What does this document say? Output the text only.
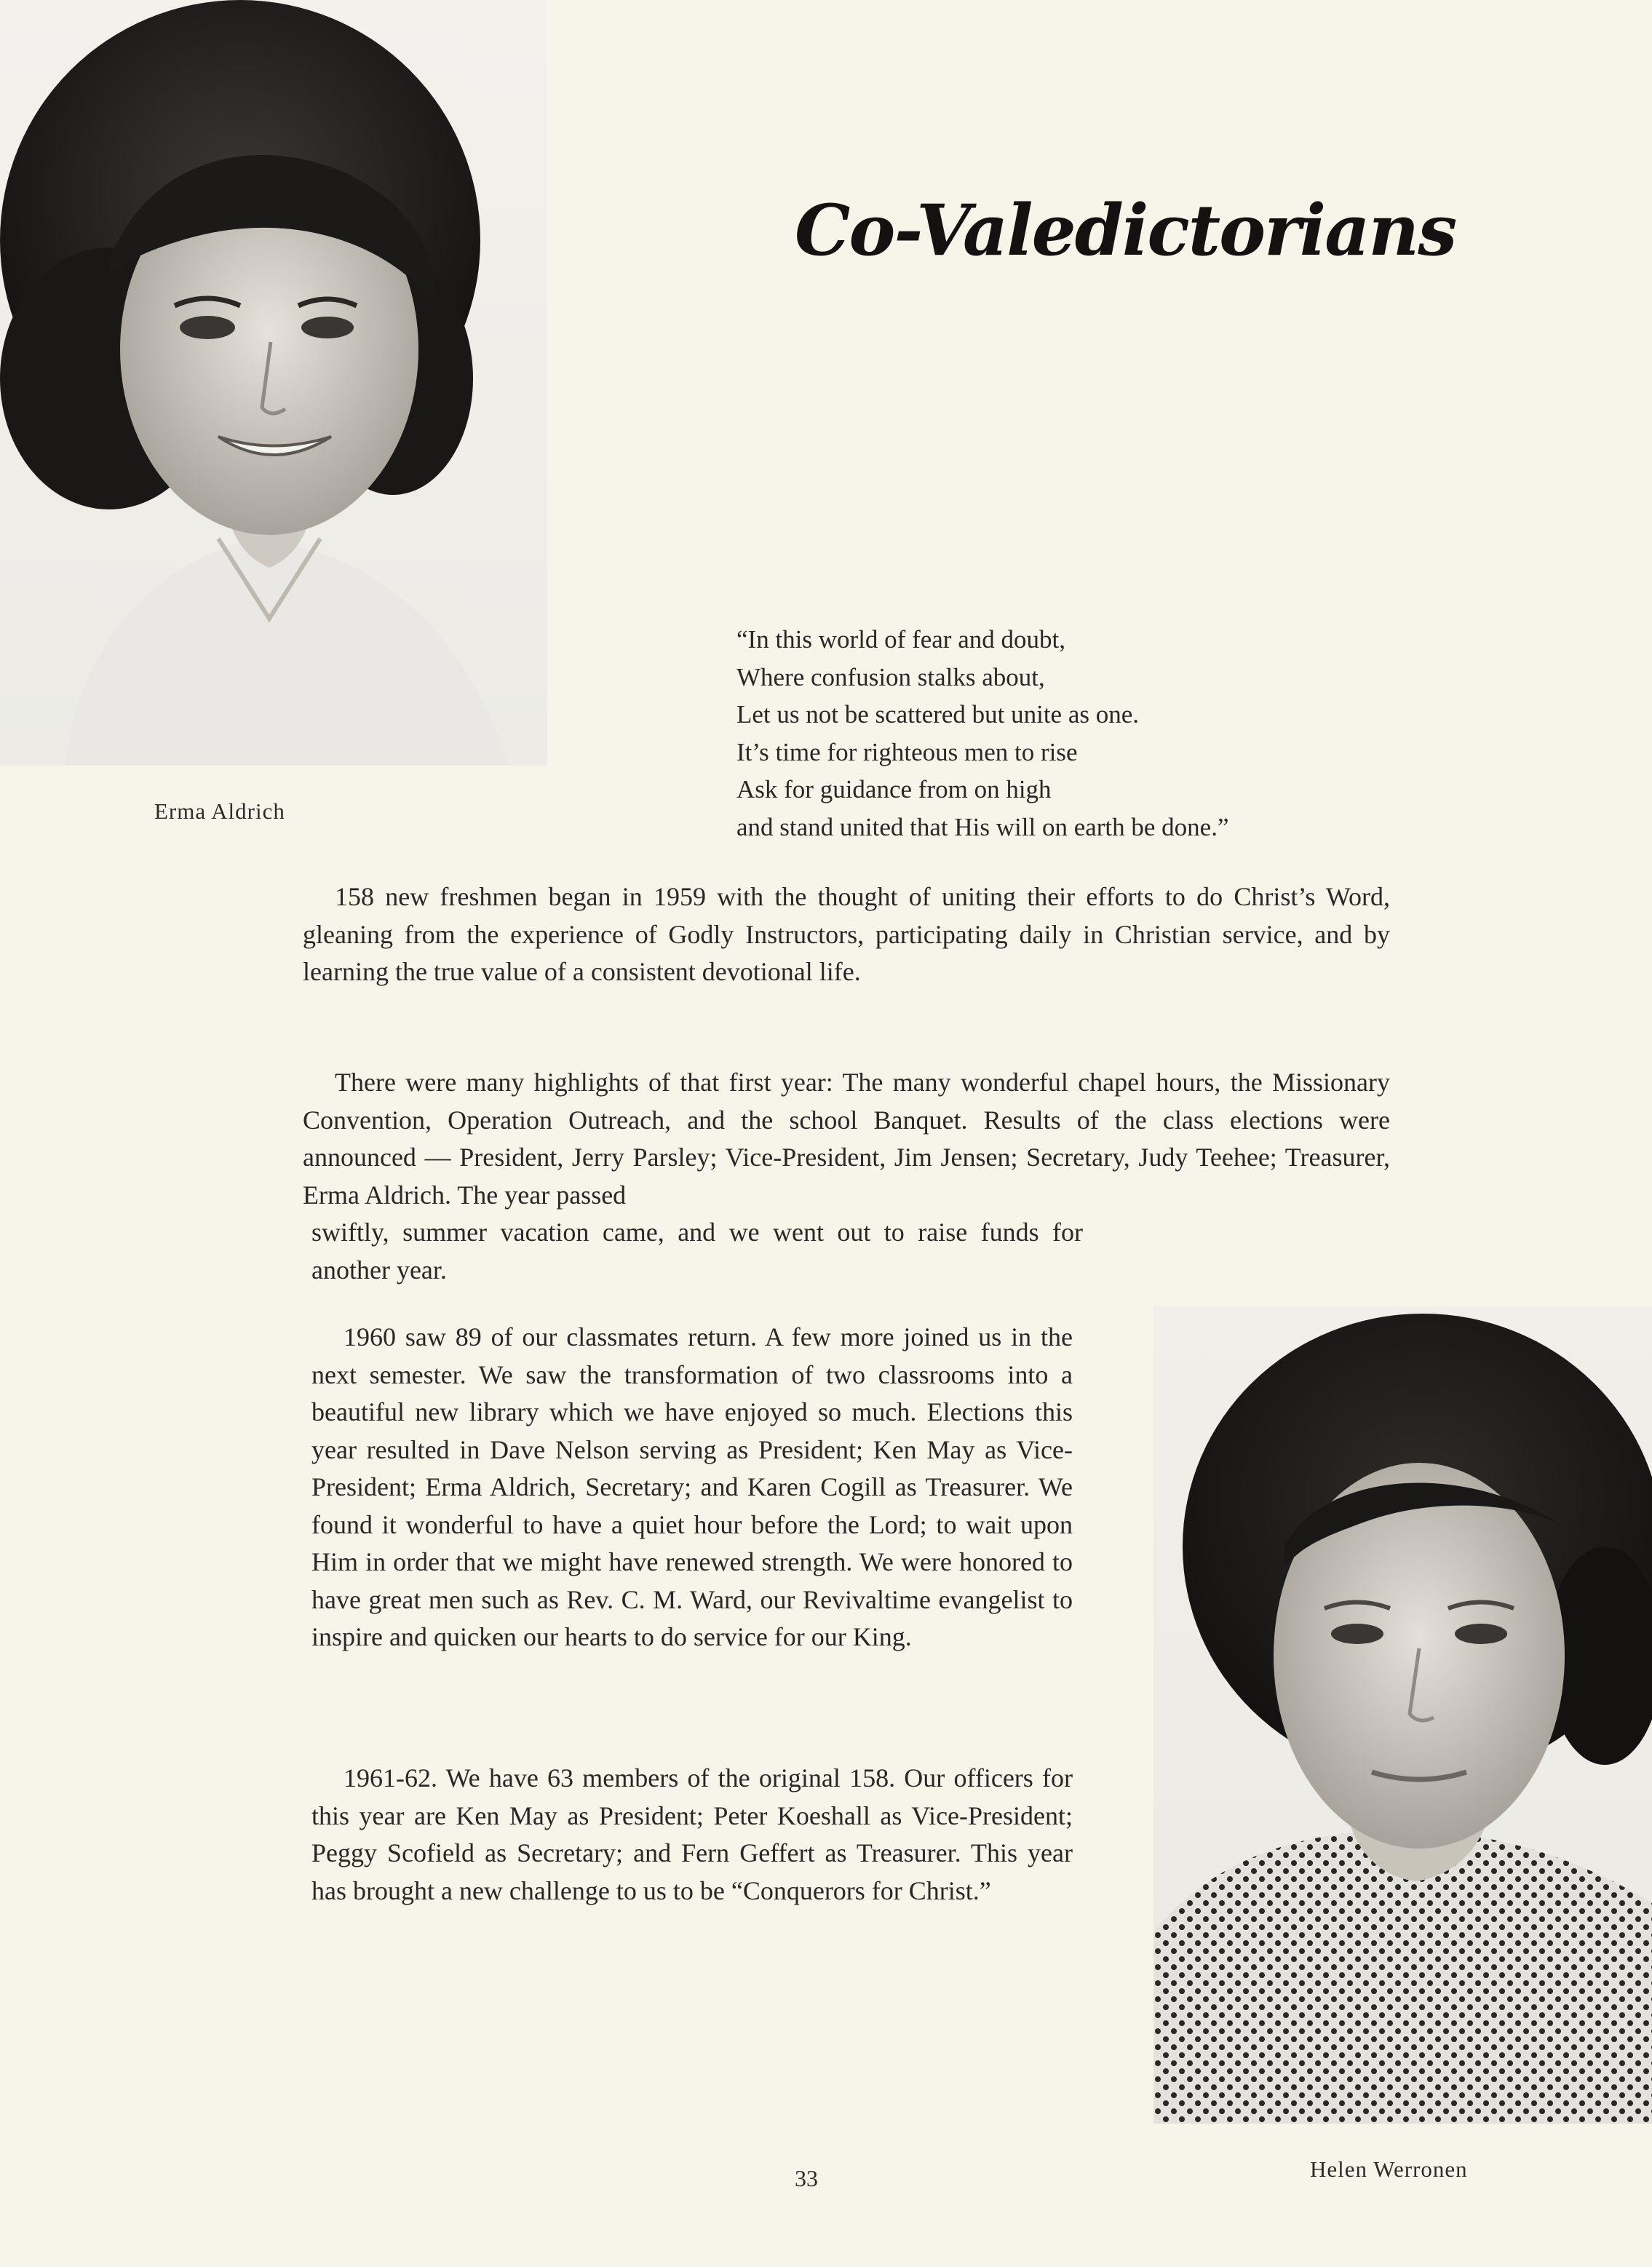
Erma Aldrich
Co-Valedictorians
“In this world of fear and doubt,
Where confusion stalks about,
Let us not be scattered but unite as one.
It’s time for righteous men to rise
Ask for guidance from on high
and stand united that His will on earth be done.”
158 new freshmen began in 1959 with the thought of uniting their efforts to do Christ’s Word, gleaning from the experience of Godly Instructors, participating daily in Christian service, and by learning the true value of a consistent devotional life.
There were many highlights of that first year: The many wonderful chapel hours, the Missionary Convention, Operation Outreach, and the school Banquet. Results of the class elections were announced — President, Jerry Parsley; Vice-President, Jim Jensen; Secretary, Judy Teehee; Treasurer, Erma Aldrich. The year passed
swiftly, summer vacation came, and we went out to raise funds for another year.
1960 saw 89 of our classmates return. A few more joined us in the next semester. We saw the transformation of two classrooms into a beautiful new library which we have enjoyed so much. Elections this year resulted in Dave Nelson serving as President; Ken May as Vice-President; Erma Aldrich, Secretary; and Karen Cogill as Treasurer. We found it wonderful to have a quiet hour before the Lord; to wait upon Him in order that we might have renewed strength. We were honored to have great men such as Rev. C. M. Ward, our Revivaltime evangelist to inspire and quicken our hearts to do service for our King.
1961-62. We have 63 members of the original 158. Our officers for this year are Ken May as President; Peter Koeshall as Vice-President; Peggy Scofield as Secretary; and Fern Geffert as Treasurer. This year has brought a new challenge to us to be “Conquerors for Christ.”
Helen Werronen
33
